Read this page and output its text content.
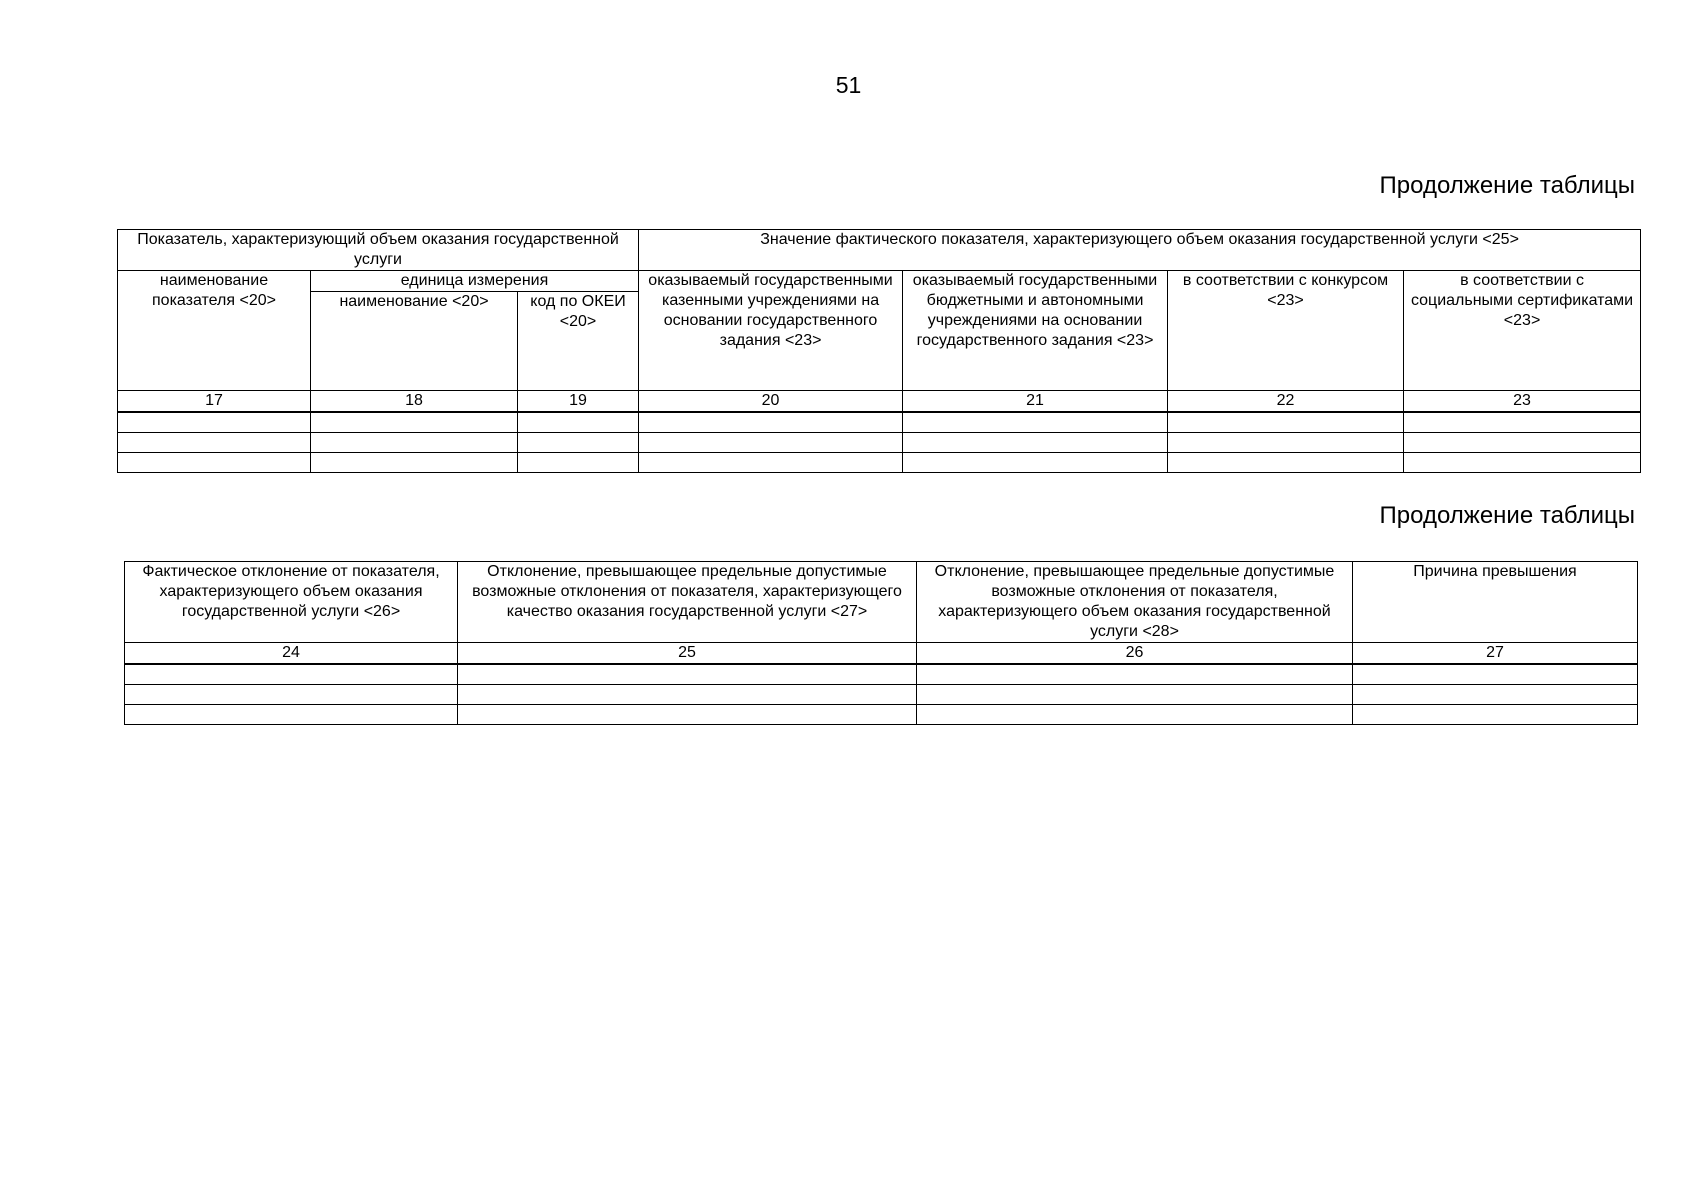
51
Продолжение таблицы
Показатель, характеризующий объем оказания государственной услуги			Значение фактического показателя, характеризующего объем оказания государственной услуги <25>			
наименование показателя <20>	единица измерения		оказываемый государственными казенными учреждениями на основании государственного задания <23>	оказываемый государственными бюджетными и автономными учреждениями на основании государственного задания <23>	в соответствии с конкурсом <23>	в соответствии с социальными сертификатами <23>
	наименование <20>	код по ОКЕИ <20>				
17	18	19	20	21	22	23

Продолжение таблицы
Фактическое отклонение от показателя, характеризующего объем оказания государственной услуги <26>	Отклонение, превышающее предельные допустимые возможные отклонения от показателя, характеризующего качество оказания государственной услуги <27>	Отклонение, превышающее предельные допустимые возможные отклонения от показателя, характеризующего объем оказания государственной услуги <28>	Причина превышения
24	25	26	27
